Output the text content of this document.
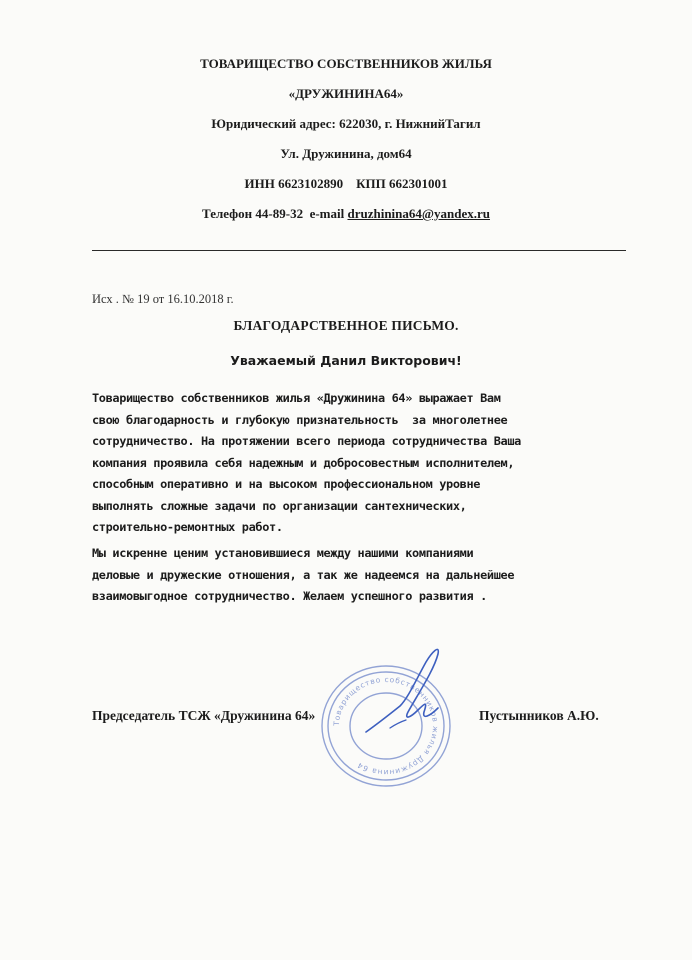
ТОВАРИЩЕСТВО СОБСТВЕННИКОВ ЖИЛЬЯ
«ДРУЖИНИНА64»
Юридический адрес: 622030, г. НижнийТагил
Ул. Дружинина, дом64
ИНН 6623102890    КПП 662301001
Телефон 44-89-32  e-mail druzhinina64@yandex.ru
Исх . № 19 от 16.10.2018 г.
БЛАГОДАРСТВЕННОЕ ПИСЬМО.
Уважаемый Данил Викторович!
Товарищество собственников жилья «Дружинина 64» выражает Вам
свою благодарность и глубокую признательность  за многолетнее
сотрудничество. На протяжении всего периода сотрудничества Ваша
компания проявила себя надежным и добросовестным исполнителем,
способным оперативно и на высоком профессиональном уровне
выполнять сложные задачи по организации сантехнических,
строительно-ремонтных работ.
Мы искренне ценим установившиеся между нашими компаниями
деловые и дружеские отношения, а так же надеемся на дальнейшее
взаимовыгодное сотрудничество. Желаем успешного развития .
Товарищество собственников жилья Дружинина 64
Председатель ТСЖ «Дружинина 64»	Пустынников А.Ю.
